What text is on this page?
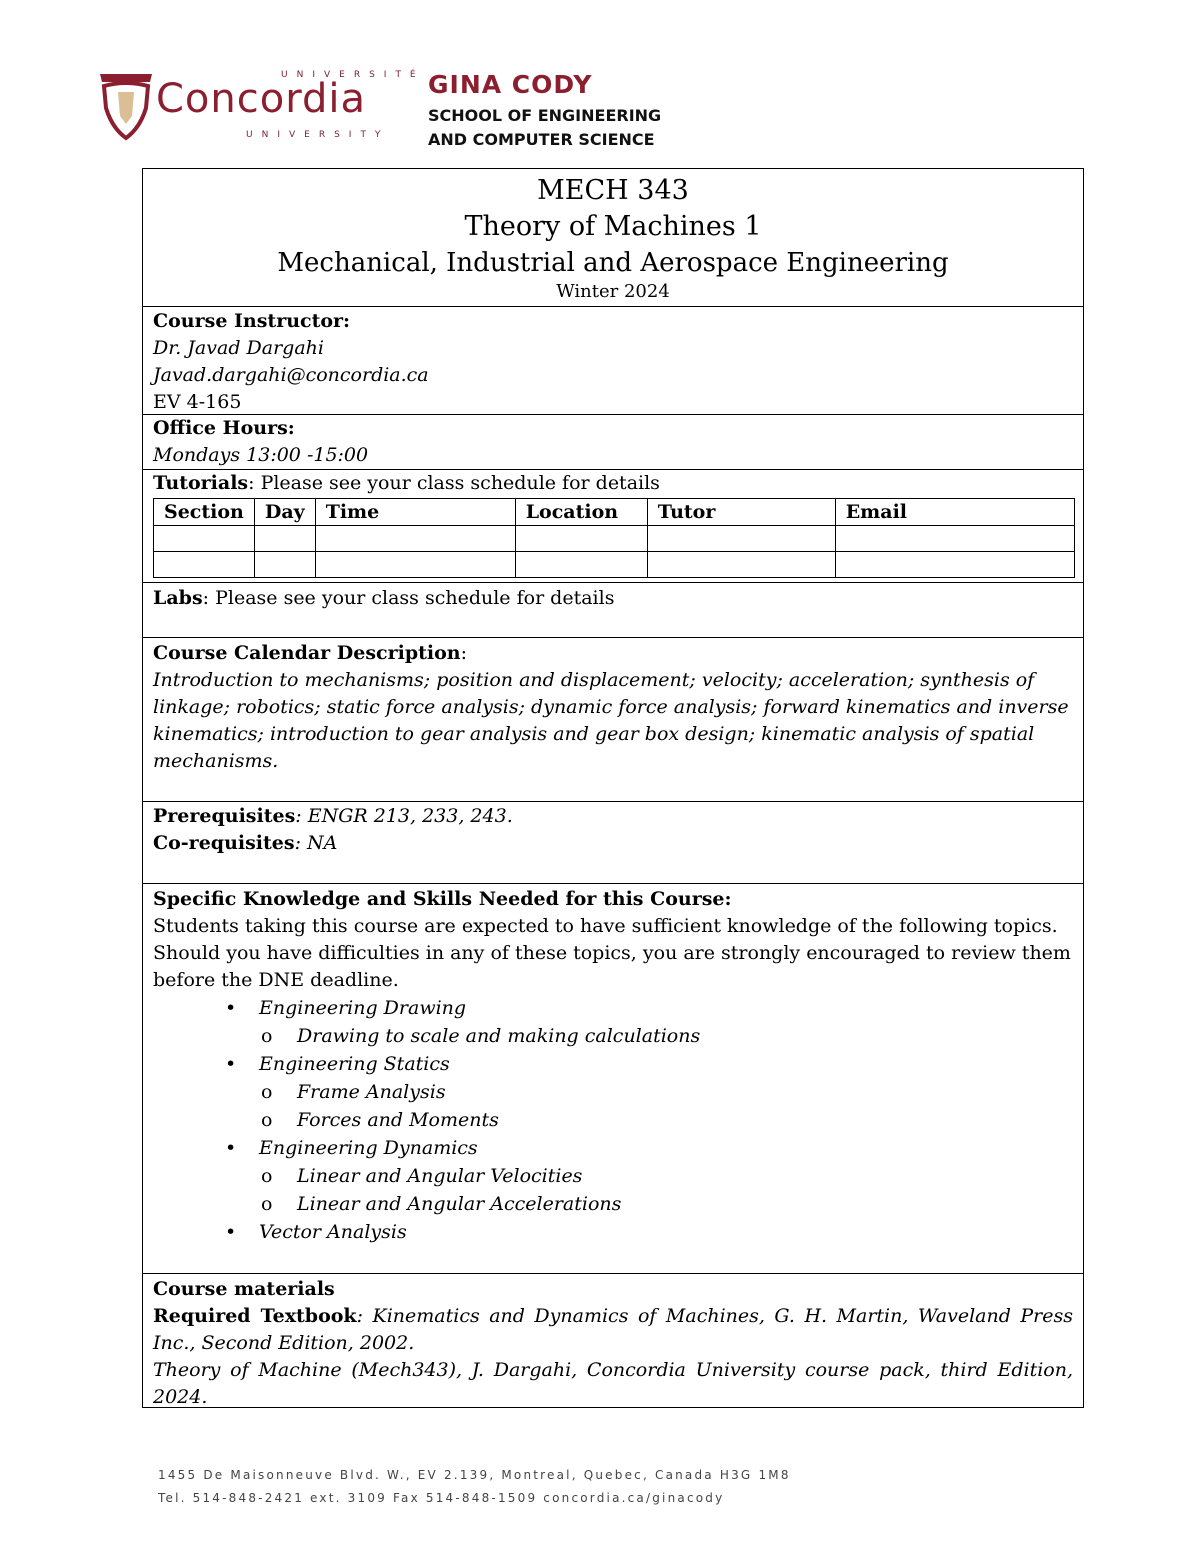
UNIVERSITÉ
Concordia
UNIVERSITY
GINA CODY
SCHOOL OF ENGINEERING
AND COMPUTER SCIENCE
MECH 343
Theory of Machines 1
Mechanical, Industrial and Aerospace Engineering
Winter 2024
Course Instructor:
Dr. Javad Dargahi
Javad.dargahi@concordia.ca
EV 4-165
Office Hours:
Mondays 13:00 -15:00
Tutorials: Please see your class schedule for details
Section	Day	Time	Location	Tutor	Email

Labs: Please see your class schedule for details
Course Calendar Description:
Introduction to mechanisms; position and displacement; velocity; acceleration; synthesis of
linkage; robotics; static force analysis; dynamic force analysis; forward kinematics and inverse
kinematics; introduction to gear analysis and gear box design; kinematic analysis of spatial
mechanisms.
Prerequisites: ENGR 213, 233, 243.
Co-requisites: NA
Specific Knowledge and Skills Needed for this Course:
Students taking this course are expected to have sufficient knowledge of the following topics.
Should you have difficulties in any of these topics, you are strongly encouraged to review them
before the DNE deadline.
• Engineering Drawing
o Drawing to scale and making calculations
• Engineering Statics
o Frame Analysis
o Forces and Moments
• Engineering Dynamics
o Linear and Angular Velocities
o Linear and Angular Accelerations
• Vector Analysis
Course materials
Required Textbook: Kinematics and Dynamics of Machines, G. H. Martin, Waveland Press Inc., Second Edition, 2002.
Theory of Machine (Mech343), J. Dargahi, Concordia University course pack, third Edition, 2024.
1455 De Maisonneuve Blvd. W., EV 2.139, Montreal, Quebec, Canada H3G 1M8
Tel. 514-848-2421 ext. 3109 Fax 514-848-1509 concordia.ca/ginacody
